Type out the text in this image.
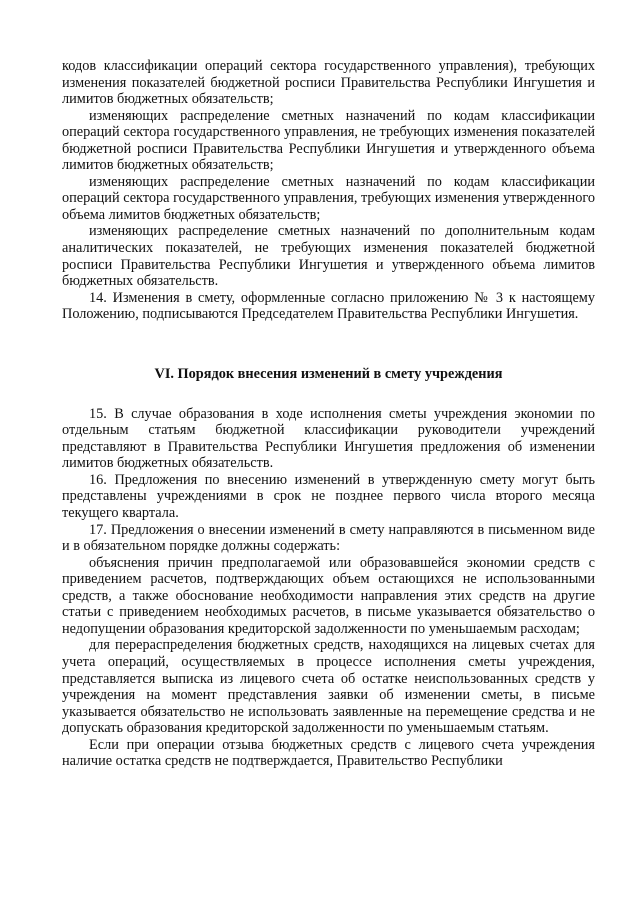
кодов классификации операций сектора государственного управления), требующих изменения показателей бюджетной росписи Правительства Республики Ингушетия и лимитов бюджетных обязательств;

изменяющих распределение сметных назначений по кодам классификации операций сектора государственного управления, не требующих изменения показателей бюджетной росписи Правительства Республики Ингушетия и утвержденного объема лимитов бюджетных обязательств;

изменяющих распределение сметных назначений по кодам классификации операций сектора государственного управления, требующих изменения утвержденного объема лимитов бюджетных обязательств;

изменяющих распределение сметных назначений по дополнительным кодам аналитических показателей, не требующих изменения показателей бюджетной росписи Правительства Республики Ингушетия и утвержденного объема лимитов бюджетных обязательств.

14. Изменения в смету, оформленные согласно приложению № 3 к настоящему Положению, подписываются Председателем Правительства Республики Ингушетия.

VI. Порядок внесения изменений в смету учреждения

15. В случае образования в ходе исполнения сметы учреждения экономии по отдельным статьям бюджетной классификации руководители учреждений представляют в Правительства Республики Ингушетия предложения об изменении лимитов бюджетных обязательств.

16. Предложения по внесению изменений в утвержденную смету могут быть представлены учреждениями в срок не позднее первого числа второго месяца текущего квартала.

17. Предложения о внесении изменений в смету направляются в письменном виде и в обязательном порядке должны содержать:

объяснения причин предполагаемой или образовавшейся экономии средств с приведением расчетов, подтверждающих объем остающихся не использованными средств, а также обоснование необходимости направления этих средств на другие статьи с приведением необходимых расчетов, в письме указывается обязательство о недопущении образования кредиторской задолженности по уменьшаемым расходам;

для перераспределения бюджетных средств, находящихся на лицевых счетах для учета операций, осуществляемых в процессе исполнения сметы учреждения, представляется выписка из лицевого счета об остатке неиспользованных средств у учреждения на момент представления заявки об изменении сметы, в письме указывается обязательство не использовать заявленные на перемещение средства и не допускать образования кредиторской задолженности по уменьшаемым статьям.

Если при операции отзыва бюджетных средств с лицевого счета учреждения наличие остатка средств не подтверждается, Правительство Республики
